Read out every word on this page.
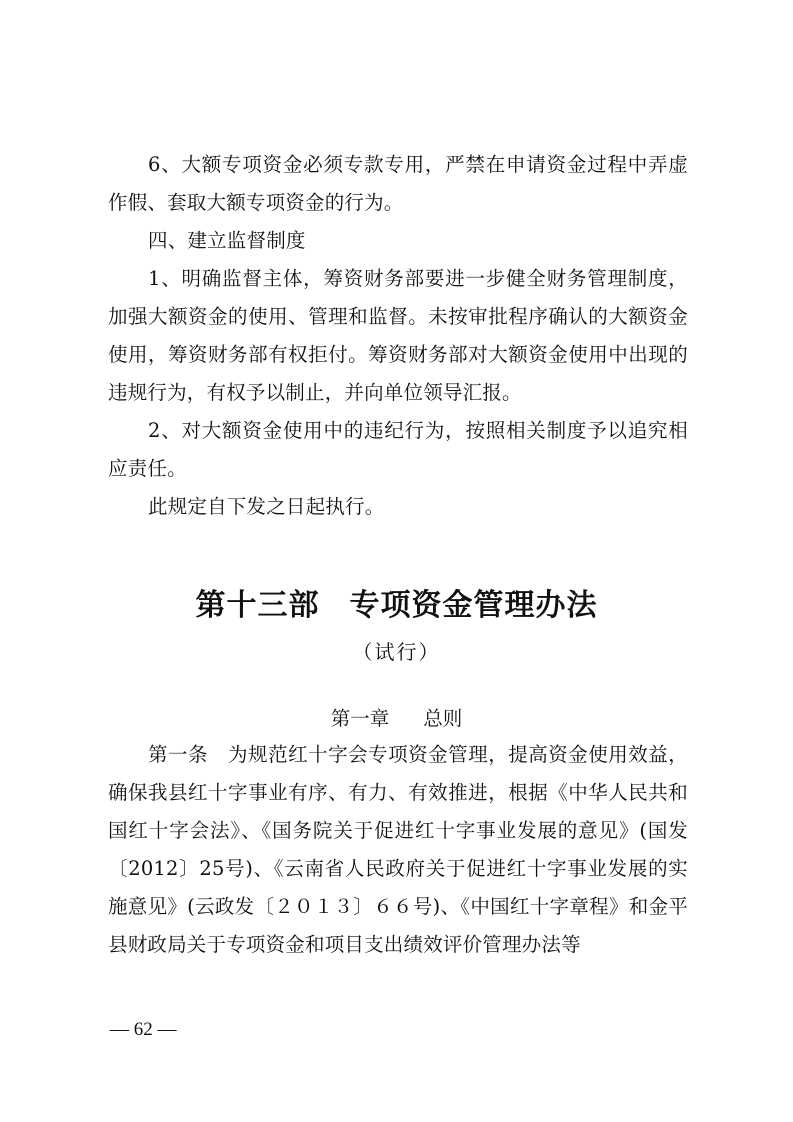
6、大额专项资金必须专款专用，严禁在申请资金过程中弄虚作假、套取大额专项资金的行为。

四、建立监督制度

1、明确监督主体，筹资财务部要进一步健全财务管理制度，加强大额资金的使用、管理和监督。未按审批程序确认的大额资金使用，筹资财务部有权拒付。筹资财务部对大额资金使用中出现的违规行为，有权予以制止，并向单位领导汇报。

2、对大额资金使用中的违纪行为，按照相关制度予以追究相应责任。

此规定自下发之日起执行。

第十三部 专项资金管理办法

（试行）

第一章 总则

第一条　为规范红十字会专项资金管理，提高资金使用效益，确保我县红十字事业有序、有力、有效推进，根据《中华人民共和国红十字会法》、《国务院关于促进红十字事业发展的意见》(国发〔2012〕25号)、《云南省人民政府关于促进红十字事业发展的实施意见》(云政发〔２０１３〕６６号)、《中国红十字章程》和金平县财政局关于专项资金和项目支出绩效评价管理办法等

— 62 —
